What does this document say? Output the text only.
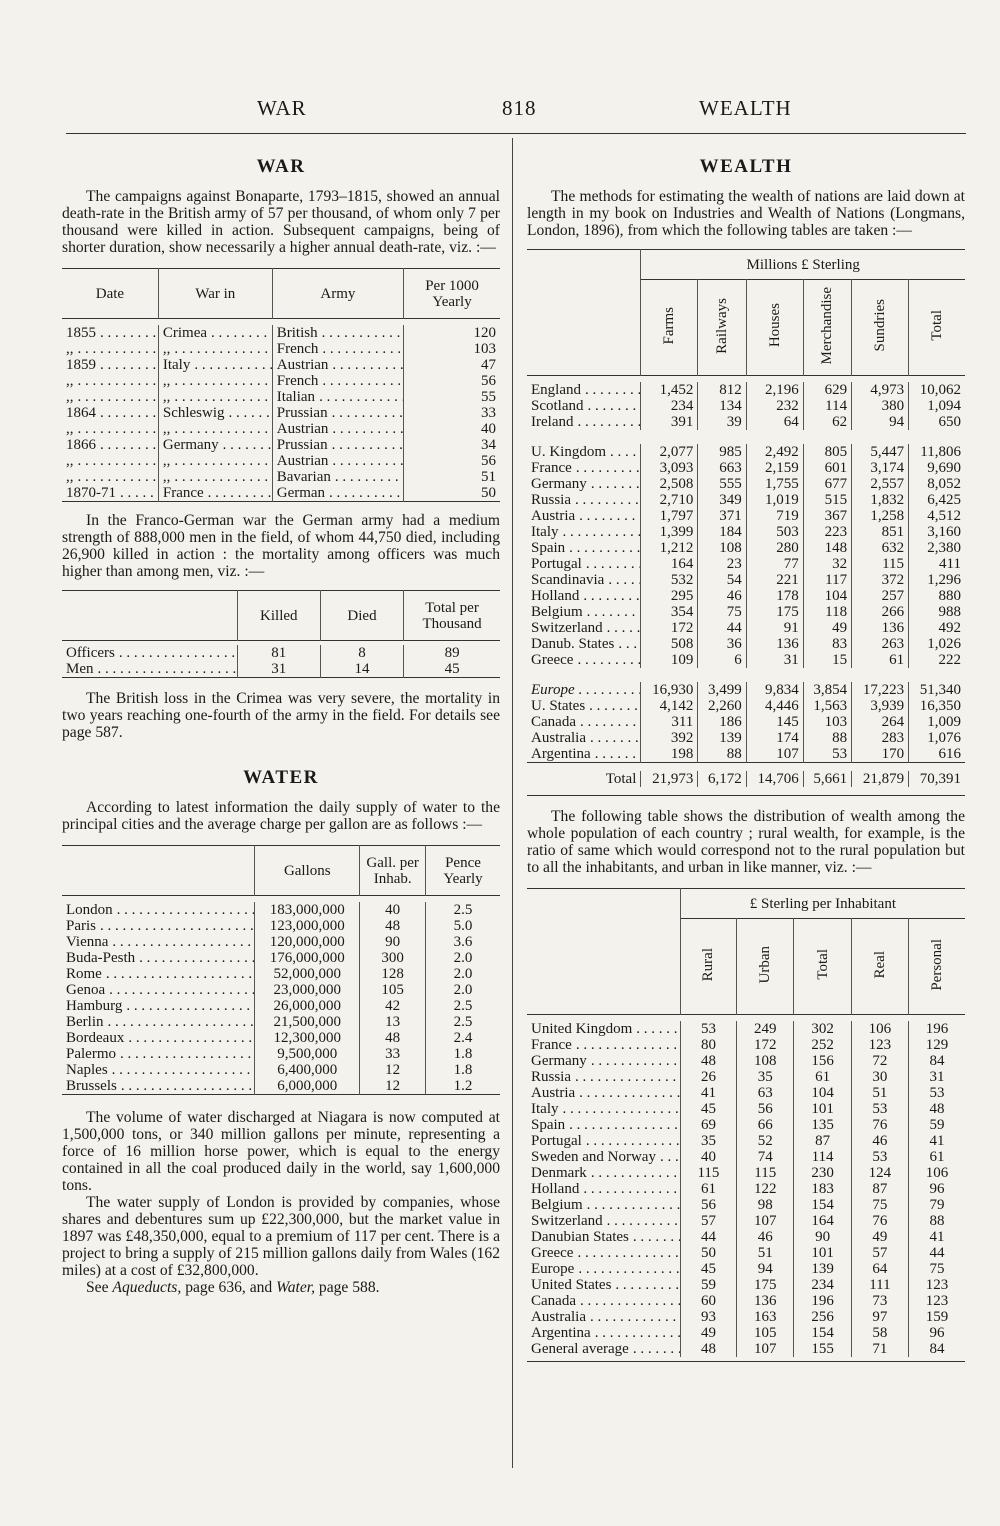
WAR	818	WEALTH
WAR

The campaigns against Bonaparte, 1793–1815, showed an annual death-rate in the British army of 57 per thousand, of whom only 7 per thousand were killed in action. Subsequent campaigns, being of shorter duration, show necessarily a higher annual death-rate, viz. :—

Date	War in	Army	Per 1000 Yearly

1855 . . .	Crimea . . .	British . . .	120
,, . . .	,, . . .	French . . .	103
1859 . . .	Italy . . .	Austrian . . .	47
,, . . .	,, . . .	French . . .	56
,, . . .	,, . . .	Italian . . .	55
1864 . . .	Schleswig . . .	Prussian . . .	33
,, . . .	,, . . .	Austrian . . .	40
1866 . . .	Germany . . .	Prussian . . .	34
,, . . .	,, . . .	Austrian . . .	56
,, . . .	,, . . .	Bavarian . . .	51
1870-71 . . .	France . . .	German . . .	50

In the Franco-German war the German army had a medium strength of 888,000 men in the field, of whom 44,750 died, including 26,900 killed in action : the mortality among officers was much higher than among men, viz. :—

	Killed	Died	Total per Thousand

Officers . . .	81	8	89
Men . . .	31	14	45

The British loss in the Crimea was very severe, the mortality in two years reaching one-fourth of the army in the field. For details see page 587.

WATER

According to latest information the daily supply of water to the principal cities and the average charge per gallon are as follows :—

	Gallons	Gall. per Inhab.	Pence Yearly

London . . .	183,000,000	40	2.5
Paris . . .	123,000,000	48	5.0
Vienna . . .	120,000,000	90	3.6
Buda-Pesth . . .	176,000,000	300	2.0
Rome . . .	52,000,000	128	2.0
Genoa . . .	23,000,000	105	2.0
Hamburg . . .	26,000,000	42	2.5
Berlin . . .	21,500,000	13	2.5
Bordeaux . . .	12,300,000	48	2.4
Palermo . . .	9,500,000	33	1.8
Naples . . .	6,400,000	12	1.8
Brussels . . .	6,000,000	12	1.2

The volume of water discharged at Niagara is now computed at 1,500,000 tons, or 340 million gallons per minute, representing a force of 16 million horse power, which is equal to the energy contained in all the coal produced daily in the world, say 1,600,000 tons.

The water supply of London is provided by companies, whose shares and debentures sum up £22,300,000, but the market value in 1897 was £48,350,000, equal to a premium of 117 per cent. There is a project to bring a supply of 215 million gallons daily from Wales (162 miles) at a cost of £32,800,000.

See Aqueducts, page 636, and Water, page 588.

WEALTH

The methods for estimating the wealth of nations are laid down at length in my book on Industries and Wealth of Nations (Longmans, London, 1896), from which the following tables are taken :—

	Millions £ Sterling					
	Farms	Railways	Houses	Merchandise	Sundries	Total

England . . .	1,452	812	2,196	629	4,973	10,062
Scotland . . .	234	134	232	114	380	1,094
Ireland . . .	391	39	64	62	94	650

U. Kingdom . . .	2,077	985	2,492	805	5,447	11,806
France . . .	3,093	663	2,159	601	3,174	9,690
Germany . . .	2,508	555	1,755	677	2,557	8,052
Russia . . .	2,710	349	1,019	515	1,832	6,425
Austria . . .	1,797	371	719	367	1,258	4,512
Italy . . .	1,399	184	503	223	851	3,160
Spain . . .	1,212	108	280	148	632	2,380
Portugal . . .	164	23	77	32	115	411
Scandinavia . . .	532	54	221	117	372	1,296
Holland . . .	295	46	178	104	257	880
Belgium . . .	354	75	175	118	266	988
Switzerland . . .	172	44	91	49	136	492
Danub. States . . .	508	36	136	83	263	1,026
Greece . . .	109	6	31	15	61	222

Europe . . .	16,930	3,499	9,834	3,854	17,223	51,340
U. States . . .	4,142	2,260	4,446	1,563	3,939	16,350
Canada . . .	311	186	145	103	264	1,009
Australia . . .	392	139	174	88	283	1,076
Argentina . . .	198	88	107	53	170	616

Total	21,973	6,172	14,706	5,661	21,879	70,391

The following table shows the distribution of wealth among the whole population of each country ; rural wealth, for example, is the ratio of same which would correspond not to the rural population but to all the inhabitants, and urban in like manner, viz. :—

	£ Sterling per Inhabitant				
	Rural	Urban	Total	Real	Personal

United Kingdom . . .	53	249	302	106	196
France . . .	80	172	252	123	129
Germany . . .	48	108	156	72	84
Russia . . .	26	35	61	30	31
Austria . . .	41	63	104	51	53
Italy . . .	45	56	101	53	48
Spain . . .	69	66	135	76	59
Portugal . . .	35	52	87	46	41
Sweden and Norway . . .	40	74	114	53	61
Denmark . . .	115	115	230	124	106
Holland . . .	61	122	183	87	96
Belgium . . .	56	98	154	75	79
Switzerland . . .	57	107	164	76	88
Danubian States . . .	44	46	90	49	41
Greece . . .	50	51	101	57	44
Europe . . .	45	94	139	64	75
United States . . .	59	175	234	111	123
Canada . . .	60	136	196	73	123
Australia . . .	93	163	256	97	159
Argentina . . .	49	105	154	58	96
General average . . .	48	107	155	71	84
